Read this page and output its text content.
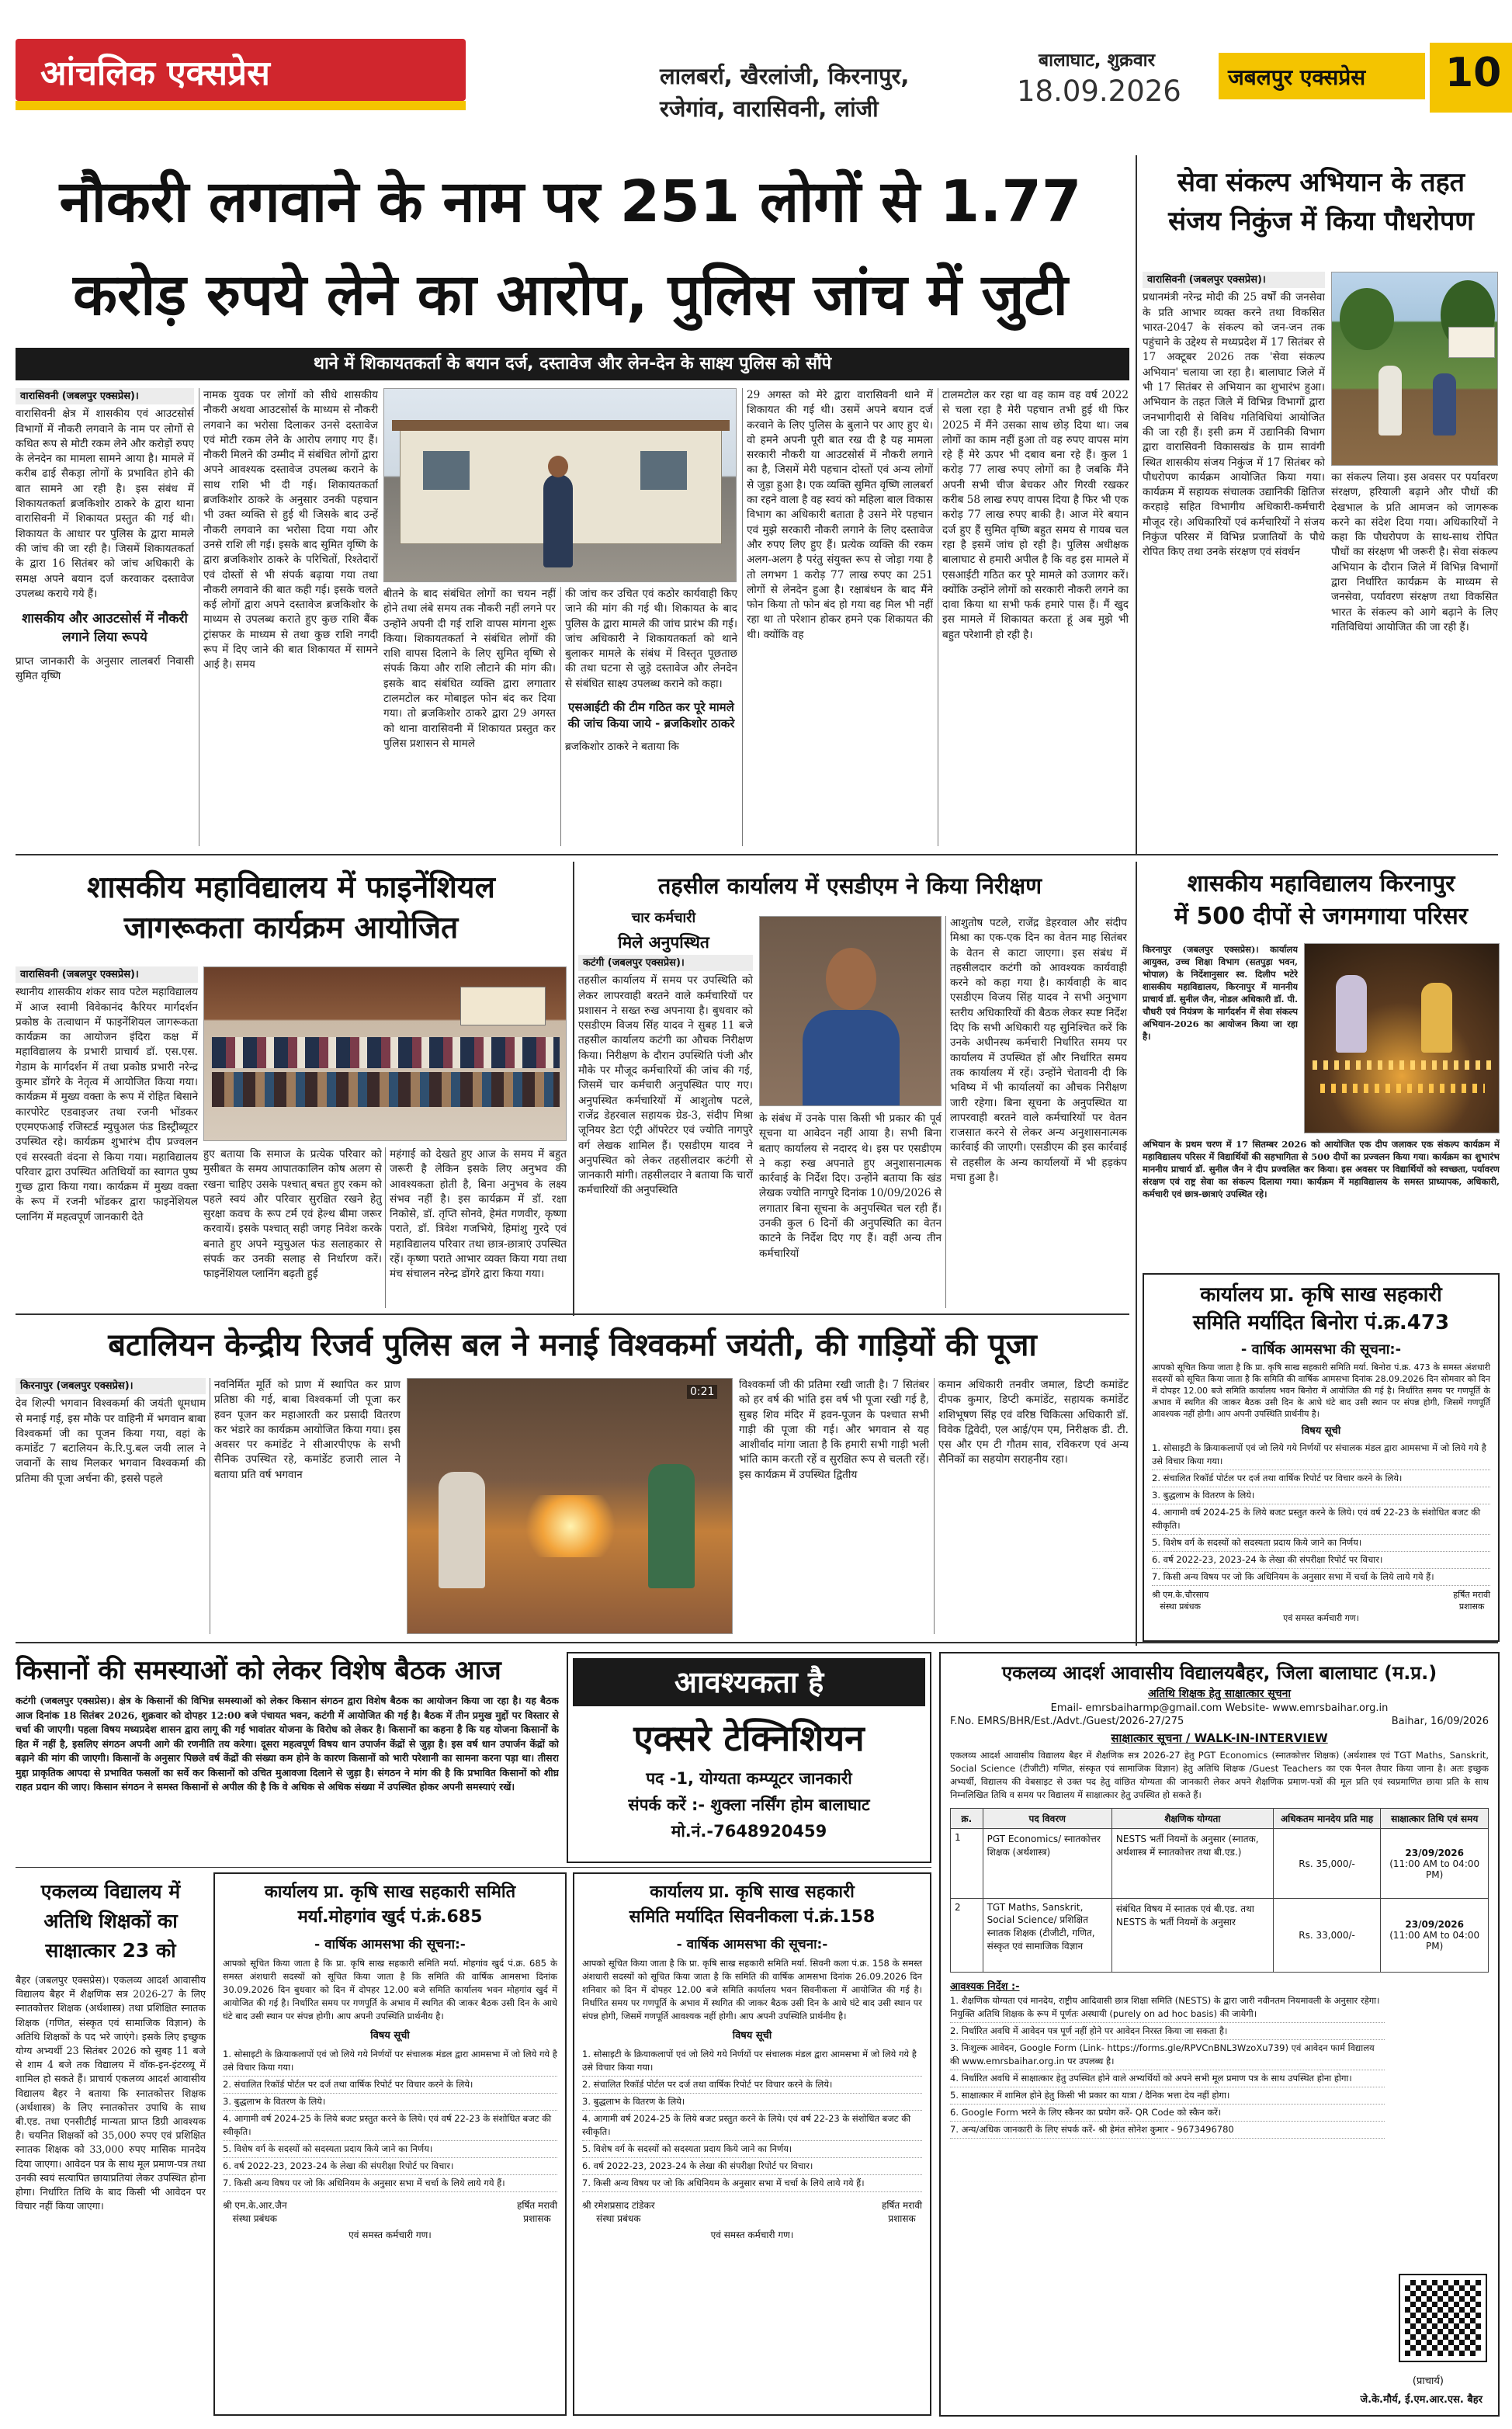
आंचलिक एक्सप्रेस	लालबर्रा, खैरलांजी, किरनापुर,
रजेगांव, वारासिवनी, लांजी
बालाघाट, शुक्रवार
18.09.2026 जबलपुर एक्सप्रेस 10
नौकरी लगवाने के नाम पर 251 लोगों से 1.77
करोड़ रुपये लेने का आरोप, पुलिस जांच में जुटी
थाने में शिकायतकर्ता के बयान दर्ज, दस्तावेज और लेन-देन के साक्ष्य पुलिस को सौंपे
वारासिवनी (जबलपुर एक्सप्रेस)।
वारासिवनी क्षेत्र में शासकीय एवं आउटसोर्स विभागों में नौकरी लगवाने के नाम पर लोगों से कथित रूप से मोटी रकम लेने और करोड़ों रुपए के लेनदेन का मामला सामने आया है। मामले में करीब ढाई सैकड़ा लोगों के प्रभावित होने की बात सामने आ रही है। इस संबंध में शिकायतकर्ता ब्रजकिशोर ठाकरे के द्वारा थाना वारासिवनी में शिकायत प्रस्तुत की गई थी। शिकायत के आधार पर पुलिस के द्वारा मामले की जांच की जा रही है। जिसमें शिकायतकर्ता के द्वारा 16 सितंबर को जांच अधिकारी के समक्ष अपने बयान दर्ज करवाकर दस्तावेज उपलब्ध कराये गये हैं।
शासकीय और आउटसोर्स में नौकरी लगाने लिया रूपये
प्राप्त जानकारी के अनुसार लालबर्रा निवासी सुमित वृष्णि
नामक युवक पर लोगों को सीधे शासकीय नौकरी अथवा आउटसोर्स के माध्यम से नौकरी लगवाने का भरोसा दिलाकर उनसे दस्तावेज एवं मोटी रकम लेने के आरोप लगाए गए हैं। नौकरी मिलने की उम्मीद में संबंधित लोगों द्वारा अपने आवश्यक दस्तावेज उपलब्ध कराने के साथ राशि भी दी गई। शिकायतकर्ता ब्रजकिशोर ठाकरे के अनुसार उनकी पहचान भी उक्त व्यक्ति से हुई थी जिसके बाद उन्हें नौकरी लगवाने का भरोसा दिया गया और उनसे राशि ली गई। इसके बाद सुमित वृष्णि के द्वारा ब्रजकिशोर ठाकरे के परिचितों, रिश्तेदारों एवं दोस्तों से भी संपर्क बढ़ाया गया तथा नौकरी लगवाने की बात कही गई। इसके चलते कई लोगों द्वारा अपने दस्तावेज ब्रजकिशोर के माध्यम से उपलब्ध कराते हुए कुछ राशि बैंक ट्रांसफर के माध्यम से तथा कुछ राशि नगदी रूप में दिए जाने की बात शिकायत में सामने आई है। समय
बीतने के बाद संबंधित लोगों का चयन नहीं होने तथा लंबे समय तक नौकरी नहीं लगने पर उन्होंने अपनी दी गई राशि वापस मांगना शुरू किया। शिकायतकर्ता ने संबंधित लोगों की राशि वापस दिलाने के लिए सुमित वृष्णि से संपर्क किया और राशि लौटाने की मांग की। इसके बाद संबंधित व्यक्ति द्वारा लगातार टालमटोल कर मोबाइल फोन बंद कर दिया गया। तो ब्रजकिशोर ठाकरे द्वारा 29 अगस्त को थाना वारासिवनी में शिकायत प्रस्तुत कर पुलिस प्रशासन से मामले
की जांच कर उचित एवं कठोर कार्यवाही किए जाने की मांग की गई थी। शिकायत के बाद पुलिस के द्वारा मामले की जांच प्रारंभ की गई। जांच अधिकारी ने शिकायतकर्ता को थाने बुलाकर मामले के संबंध में विस्तृत पूछताछ की तथा घटना से जुड़े दस्तावेज और लेनदेन से संबंधित साक्ष्य उपलब्ध कराने को कहा।
एसआईटी की टीम गठित कर पूरे मामले की जांच किया जाये - ब्रजकिशोर ठाकरे
ब्रजकिशोर ठाकरे ने बताया कि
29 अगस्त को मेरे द्वारा वारासिवनी थाने में शिकायत की गई थी। उसमें अपने बयान दर्ज करवाने के लिए पुलिस के बुलाने पर आए हुए थे। वो हमने अपनी पूरी बात रख दी है यह मामला सरकारी नौकरी या आउटसोर्स में नौकरी लगाने का है, जिसमें मेरी पहचान दोस्तों एवं अन्य लोगों से जुड़ा हुआ है। एक व्यक्ति सुमित वृष्णि लालबर्रा का रहने वाला है वह स्वयं को महिला बाल विकास विभाग का अधिकारी बताता है उसने मेरे पहचान एवं मुझे सरकारी नौकरी लगाने के लिए दस्तावेज और रुपए लिए हुए हैं। प्रत्येक व्यक्ति की रकम अलग-अलग है परंतु संयुक्त रूप से जोड़ा गया है तो लगभग 1 करोड़ 77 लाख रुपए का 251 लोगों से लेनदेन हुआ है। रक्षाबंधन के बाद मैंने फोन किया तो फोन बंद हो गया वह मिल भी नहीं रहा था तो परेशान होकर हमने एक शिकायत की थी। क्योंकि वह
टालमटोल कर रहा था वह काम वह वर्ष 2022 से चला रहा है मेरी पहचान तभी हुई थी फिर 2025 में मैंने उसका साथ छोड़ दिया था। जब लोगों का काम नहीं हुआ तो वह रुपए वापस मांग रहे हैं मेरे ऊपर भी दबाव बना रहे हैं। कुल 1 करोड़ 77 लाख रुपए लोगों का है जबकि मैंने अपनी सभी चीज बेचकर और गिरवी रखकर करीब 58 लाख रुपए वापस दिया है फिर भी एक करोड़ 77 लाख रुपए बाकी है। आज मेरे बयान दर्ज हुए हैं सुमित वृष्णि बहुत समय से गायब चल रहा है इसमें जांच हो रही है। पुलिस अधीक्षक बालाघाट से हमारी अपील है कि वह इस मामले में एसआईटी गठित कर पूरे मामले को उजागर करें। क्योंकि उन्होंने लोगों को सरकारी नौकरी लगने का दावा किया था सभी फर्क हमारे पास हैं। मैं खुद इस मामले में शिकायत करता हूं अब मुझे भी बहुत परेशानी हो रही है।
सेवा संकल्प अभियान के तहत
संजय निकुंज में किया पौधरोपण
वारासिवनी (जबलपुर एक्सप्रेस)।
प्रधानमंत्री नरेन्द्र मोदी की 25 वर्षों की जनसेवा के प्रति आभार व्यक्त करने तथा विकसित भारत-2047 के संकल्प को जन-जन तक पहुंचाने के उद्देश्य से मध्यप्रदेश में 17 सितंबर से 17 अक्टूबर 2026 तक 'सेवा संकल्प अभियान' चलाया जा रहा है। बालाघाट जिले में भी 17 सितंबर से अभियान का शुभारंभ हुआ। अभियान के तहत जिले में विभिन्न विभागों द्वारा जनभागीदारी से विविध गतिविधियां आयोजित की जा रही हैं। इसी क्रम में उद्यानिकी विभाग द्वारा वारासिवनी विकासखंड के ग्राम सावंगी स्थित शासकीय संजय निकुंज में 17 सितंबर को पौधरोपण कार्यक्रम आयोजित किया गया। कार्यक्रम में सहायक संचालक उद्यानिकी क्षितिज करहाड़े सहित विभागीय अधिकारी-कर्मचारी मौजूद रहे। अधिकारियों एवं कर्मचारियों ने संजय निकुंज परिसर में विभिन्न प्रजातियों के पौधे रोपित किए तथा उनके संरक्षण एवं संवर्धन
का संकल्प लिया। इस अवसर पर पर्यावरण संरक्षण, हरियाली बढ़ाने और पौधों की देखभाल के प्रति आमजन को जागरूक करने का संदेश दिया गया। अधिकारियों ने कहा कि पौधरोपण के साथ-साथ रोपित पौधों का संरक्षण भी जरूरी है। सेवा संकल्प अभियान के दौरान जिले में विभिन्न विभागों द्वारा निर्धारित कार्यक्रम के माध्यम से जनसेवा, पर्यावरण संरक्षण तथा विकसित भारत के संकल्प को आगे बढ़ाने के लिए गतिविधियां आयोजित की जा रही हैं।
शासकीय महाविद्यालय में फाइनेंशियल
जागरूकता कार्यक्रम आयोजित
वारासिवनी (जबलपुर एक्सप्रेस)।
स्थानीय शासकीय शंकर साव पटेल महाविद्यालय में आज स्वामी विवेकानंद कैरियर मार्गदर्शन प्रकोष्ठ के तत्वाधान में फाइनेंशियल जागरूकता कार्यक्रम का आयोजन इंदिरा कक्ष में महाविद्यालय के प्रभारी प्राचार्य डॉ. एस.एस. गेडाम के मार्गदर्शन में तथा प्रकोष्ठ प्रभारी नरेन्द्र कुमार डोंगरे के नेतृत्व में आयोजित किया गया। कार्यक्रम में मुख्य वक्ता के रूप में रोहित बिसाने कारपोरेट एडवाइजर तथा रजनी भोंडकर एएमएफआई रजिस्टर्ड म्युचुअल फंड डिस्ट्रीब्यूटर उपस्थित रहे। कार्यक्रम शुभारंभ दीप प्रज्वलन एवं सरस्वती वंदना से किया गया। महाविद्यालय परिवार द्वारा उपस्थित अतिथियों का स्वागत पुष्प गुच्छ द्वारा किया गया। कार्यक्रम में मुख्य वक्ता के रूप में रजनी भोंडकर द्वारा फाइनेंशियल प्लानिंग में महत्वपूर्ण जानकारी देते
हुए बताया कि समाज के प्रत्येक परिवार को मुसीबत के समय आपातकालिन कोष अलग से रखना चाहिए उसके पश्चात् बचत हुए रकम को पहले स्वयं और परिवार सुरक्षित रखने हेतु सुरक्षा कवच के रूप टर्म एवं हेल्थ बीमा जरूर करवायें। इसके पश्चात् सही जगह निवेश करके बनाते हुए अपने म्युचुअल फंड सलाहकार से संपर्क कर उनकी सलाह से निर्धारण करें। फाइनेंशियल प्लानिंग बढ़ती हुई
महंगाई को देखते हुए आज के समय में बहुत जरूरी है लेकिन इसके लिए अनुभव की आवश्यकता होती है, बिना अनुभव के लक्ष्य संभव नहीं है। इस कार्यक्रम में डॉ. रक्षा निकोसे, डॉ. तृप्ति सोनवे, हेमंत गणवीर, कृष्णा पराते, डॉ. त्रिवेश गजभिये, हिमांशु गुरदे एवं महाविद्यालय परिवार तथा छात्र-छात्राएं उपस्थित रहें। कृष्णा पराते आभार व्यक्त किया गया तथा मंच संचालन नरेन्द्र डोंगरे द्वारा किया गया।
तहसील कार्यालय में एसडीएम ने किया निरीक्षण
चार कर्मचारी
मिले अनुपस्थित
कटंगी (जबलपुर एक्सप्रेस)।
तहसील कार्यालय में समय पर उपस्थिति को लेकर लापरवाही बरतने वाले कर्मचारियों पर प्रशासन ने सख्त रुख अपनाया है। बुधवार को एसडीएम विजय सिंह यादव ने सुबह 11 बजे तहसील कार्यालय कटंगी का औचक निरीक्षण किया। निरीक्षण के दौरान उपस्थिति पंजी और मौके पर मौजूद कर्मचारियों की जांच की गई, जिसमें चार कर्मचारी अनुपस्थित पाए गए। अनुपस्थित कर्मचारियों में आशुतोष पटले, राजेंद्र डेहरवाल सहायक ग्रेड-3, संदीप मिश्रा जूनियर डेटा एंट्री ऑपरेटर एवं ज्योति नागपुरे वर्ग लेखक शामिल हैं। एसडीएम यादव ने अनुपस्थित को लेकर तहसीलदार कटंगी से जानकारी मांगी। तहसीलदार ने बताया कि चारों कर्मचारियों की अनुपस्थिति
के संबंध में उनके पास किसी भी प्रकार की पूर्व सूचना या आवेदन नहीं आया है। सभी बिना बताए कार्यालय से नदारद थे। इस पर एसडीएम ने कड़ा रुख अपनाते हुए अनुशासनात्मक कार्रवाई के निर्देश दिए। उन्होंने बताया कि खंड लेखक ज्योति नागपुरे दिनांक 10/09/2026 से लगातार बिना सूचना के अनुपस्थित चल रही हैं। उनकी कुल 6 दिनों की अनुपस्थिति का वेतन काटने के निर्देश दिए गए हैं। वहीं अन्य तीन कर्मचारियों
आशुतोष पटले, राजेंद्र डेहरवाल और संदीप मिश्रा का एक-एक दिन का वेतन माह सितंबर के वेतन से काटा जाएगा। इस संबंध में तहसीलदार कटंगी को आवश्यक कार्यवाही करने को कहा गया है। कार्यवाही के बाद एसडीएम विजय सिंह यादव ने सभी अनुभाग स्तरीय अधिकारियों की बैठक लेकर स्पष्ट निर्देश दिए कि सभी अधिकारी यह सुनिश्चित करें कि उनके अधीनस्थ कर्मचारी निर्धारित समय पर कार्यालय में उपस्थित हों और निर्धारित समय तक कार्यालय में रहें। उन्होंने चेतावनी दी कि भविष्य में भी कार्यालयों का औचक निरीक्षण जारी रहेगा। बिना सूचना के अनुपस्थित या लापरवाही बरतने वाले कर्मचारियों पर वेतन राजसात करने से लेकर अन्य अनुशासनात्मक कार्रवाई की जाएगी। एसडीएम की इस कार्रवाई से तहसील के अन्य कार्यालयों में भी हड़कंप मचा हुआ है।
शासकीय महाविद्यालय किरनापुर
में 500 दीपों से जगमगाया परिसर
किरनापुर (जबलपुर एक्सप्रेस)। कार्यालय आयुक्त, उच्च शिक्षा विभाग (सतपुड़ा भवन, भोपाल) के निर्देशानुसार स्व. दिलीप भटेरे शासकीय महाविद्यालय, किरनापुर में माननीय प्राचार्य डॉ. सुनील जैन, नोडल अधिकारी डॉ. पी. चौधरी एवं नियंत्रण के मार्गदर्शन में सेवा संकल्प अभियान-2026 का आयोजन किया जा रहा है।
अभियान के प्रथम चरण में 17 सितम्बर 2026 को आयोजित एक दीप जलाकर एक संकल्प कार्यक्रम में महाविद्यालय परिसर में विद्यार्थियों की सहभागिता से 500 दीपों का प्रज्वलन किया गया। कार्यक्रम का शुभारंभ माननीय प्राचार्य डॉ. सुनील जैन ने दीप प्रज्वलित कर किया। इस अवसर पर विद्यार्थियों को स्वच्छता, पर्यावरण संरक्षण एवं राष्ट्र सेवा का संकल्प दिलाया गया। कार्यक्रम में महाविद्यालय के समस्त प्राध्यापक, अधिकारी, कर्मचारी एवं छात्र-छात्राएं उपस्थित रहे।
कार्यालय प्रा. कृषि साख सहकारी
समिति मर्यादित बिनोरा पं.क्र.473
- वार्षिक आमसभा की सूचना:-
आपको सूचित किया जाता है कि प्रा. कृषि साख सहकारी समिति मर्या. बिनोरा पं.क्र. 473 के समस्त अंशधारी सदस्यों को सूचित किया जाता है कि समिति की वार्षिक आमसभा दिनांक 28.09.2026 दिन सोमवार को दिन में दोपहर 12.00 बजे समिति कार्यालय भवन बिनोरा में आयोजित की गई है। निर्धारित समय पर गणपूर्ति के अभाव में स्थगित की जाकर बैठक उसी दिन के आधे घंटे बाद उसी स्थान पर संपन्न होगी, जिसमें गणपूर्ति आवश्यक नहीं होगी। आप अपनी उपस्थिति प्रार्थनीय है।
विषय सूची
1. सोसाइटी के क्रियाकलापों एवं जो लिये गये निर्णयों पर संचालक मंडल द्वारा आमसभा में जो लिये गये है उसे विचार किया गया।
2. संचालित रिकॉर्ड पोर्टल पर दर्ज तथा वार्षिक रिपोर्ट पर विचार करने के लिये।
3. बुद्धलाभ के वितरण के लिये।
4. आगामी वर्ष 2024-25 के लिये बजट प्रस्तुत करने के लिये। एवं वर्ष 22-23 के संशोधित बजट की स्वीकृति।
5. विशेष वर्ग के सदस्यों को सदस्यता प्रदाय किये जाने का निर्णय।
6. वर्ष 2022-23, 2023-24 के लेखा की संपरीक्षा रिपोर्ट पर विचार।
7. किसी अन्य विषय पर जो कि अधिनियम के अनुसार सभा में चर्चा के लिये लाये गये हैं।
श्री एम.के.चौरसाय
संस्था प्रबंधक
हर्षित मरावी
प्रशासक
एवं समस्त कर्मचारी गण।
बटालियन केन्द्रीय रिजर्व पुलिस बल ने मनाई विश्वकर्मा जयंती, की गाड़ियों की पूजा
किरनापुर (जबलपुर एक्सप्रेस)।
देव शिल्पी भगवान विश्वकर्मा की जयंती धूमधाम से मनाई गई, इस मौके पर वाहिनी में भगवान बाबा विश्वकर्मा जी का पूजन किया गया, वहां के कमांडेंट 7 बटालियन के.रि.पु.बल जयी लाल ने जवानों के साथ मिलकर भगवान विश्वकर्मा की प्रतिमा की पूजा अर्चना की, इससे पहले
नवनिर्मित मूर्ति को प्राण में स्थापित कर प्राण प्रतिष्ठा की गई, बाबा विश्वकर्मा जी पूजा कर हवन पूजन कर महाआरती कर प्रसादी वितरण कर भंडारे का कार्यक्रम आयोजित किया गया। इस अवसर पर कमांडेंट ने सीआरपीएफ के सभी सैनिक उपस्थित रहे, कमांडेंट हजारी लाल ने बताया प्रति वर्ष भगवान
0:21
विश्वकर्मा जी की प्रतिमा रखी जाती है। 7 सितंबर को हर वर्ष की भांति इस वर्ष भी पूजा रखी गई है, सुबह शिव मंदिर में हवन-पूजन के पश्चात सभी गाड़ी की पूजा की गई। और भगवान से यह आशीर्वाद मांगा जाता है कि हमारी सभी गाड़ी भली भांति काम करती रहें व सुरक्षित रूप से चलती रहें। इस कार्यक्रम में उपस्थित द्वितीय
कमान अधिकारी तनवीर जमाल, डिप्टी कमांडेंट दीपक कुमार, डिप्टी कमांडेंट, सहायक कमांडेंट शशिभूषण सिंह एवं वरिष्ठ चिकित्सा अधिकारी डॉ. विवेक द्विवेदी, एल आई/एम एम, निरीक्षक डी. टी. एस और एम टी गौतम साव, रविकरण एवं अन्य सैनिकों का सहयोग सराहनीय रहा।
किसानों की समस्याओं को लेकर विशेष बैठक आज
कटंगी (जबलपुर एक्सप्रेस)। क्षेत्र के किसानों की विभिन्न समस्याओं को लेकर किसान संगठन द्वारा विशेष बैठक का आयोजन किया जा रहा है। यह बैठक आज दिनांक 18 सितंबर 2026, शुक्रवार को दोपहर 12:00 बजे पंचायत भवन, कटंगी में आयोजित की गई है। बैठक में तीन प्रमुख मुद्दों पर विस्तार से चर्चा की जाएगी। पहला विषय मध्यप्रदेश शासन द्वारा लागू की गई भावांतर योजना के विरोध को लेकर है। किसानों का कहना है कि यह योजना किसानों के हित में नहीं है, इसलिए संगठन अपनी आगे की रणनीति तय करेगा। दूसरा महत्वपूर्ण विषय धान उपार्जन केंद्रों से जुड़ा है। इस वर्ष धान उपार्जन केंद्रों को बढ़ाने की मांग की जाएगी। किसानों के अनुसार पिछले वर्ष केंद्रों की संख्या कम होने के कारण किसानों को भारी परेशानी का सामना करना पड़ा था। तीसरा मुद्दा प्राकृतिक आपदा से प्रभावित फसलों का सर्वे कर किसानों को उचित मुआवजा दिलाने से जुड़ा है। संगठन ने मांग की है कि प्रभावित किसानों को शीघ्र राहत प्रदान की जाए। किसान संगठन ने समस्त किसानों से अपील की है कि वे अधिक से अधिक संख्या में उपस्थित होकर अपनी समस्याएं रखें।
आवश्यकता है
एक्सरे टेक्निशियन
पद -1, योग्यता कम्प्यूटर जानकारी
संपर्क करें :- शुक्ला नर्सिंग होम बालाघाट
मो.नं.-7648920459
एकलव्य आदर्श आवासीय विद्यालयबैहर, जिला बालाघाट (म.प्र.)
अतिथि शिक्षक हेतु साक्षात्कार सूचना
Email- emrsbaiharmp@gmail.com Website- www.emrsbaihar.org.in
F.No. EMRS/BHR/Est./Advt./Guest/2026-27/275	Baihar, 16/09/2026
साक्षात्कार सूचना / WALK-IN-INTERVIEW
एकलव्य आदर्श आवासीय विद्यालय बैहर में शैक्षणिक सत्र 2026-27 हेतु PGT Economics (स्नातकोत्तर शिक्षक) (अर्थशास्त्र एवं TGT Maths, Sanskrit, Social Science (टीजीटी) गणित, संस्कृत एवं सामाजिक विज्ञान) हेतु अतिथि शिक्षक /Guest Teachers का एक पैनल तैयार किया जाना है। अतः इच्छुक अभ्यर्थी, विद्यालय की वेबसाइट से उक्त पद हेतु वांछित योग्यता की जानकारी लेकर अपने शैक्षणिक प्रमाण-पत्रों की मूल प्रति एवं स्वप्रमाणित छाया प्रति के साथ निम्नलिखित तिथि व समय पर विद्यालय में साक्षात्कार हेतु उपस्थित हो सकते हैं।
क्र.	पद विवरण	शैक्षणिक योग्यता	अधिकतम मानदेय प्रति माह	साक्षात्कार तिथि एवं समय
1	PGT Economics/ स्नातकोत्तर शिक्षक (अर्थशास्त्र)	NESTS भर्ती नियमों के अनुसार (स्नातक, अर्थशास्त्र में स्नातकोत्तर तथा बी.एड.)	Rs. 35,000/-	23/09/2026
(11:00 AM to 04:00 PM)

2	TGT Maths, Sanskrit, Social Science/ प्रशिक्षित स्नातक शिक्षक (टीजीटी, गणित, संस्कृत एवं सामाजिक विज्ञान	संबंधित विषय में स्नातक एवं बी.एड. तथा NESTS के भर्ती नियमों के अनुसार	Rs. 33,000/-	23/09/2026
(11:00 AM to 04:00 PM)
आवश्यक निर्देश :-
1. शैक्षणिक योग्यता एवं मानदेय, राष्ट्रीय आदिवासी छात्र शिक्षा समिति (NESTS) के द्वारा जारी नवीनतम नियमावली के अनुसार रहेगा। नियुक्ति अतिथि शिक्षक के रूप में पूर्णतः अस्थायी (purely on ad hoc basis) की जायेगी।
2. निर्धारित अवधि में आवेदन पत्र पूर्ण नहीं होने पर आवेदन निरस्त किया जा सकता है।
3. निःशुल्क आवेदन, Google Form (Link- https://forms.gle/RPVCnBNL3WzoXu739) एवं आवेदन फार्म विद्यालय की www.emrsbaihar.org.in पर उपलब्ध है।
4. निर्धारित अवधि में साक्षात्कार हेतु उपस्थित होने वाले अभ्यर्थियों को अपने सभी मूल प्रमाण पत्र के साथ उपस्थित होना होगा।
5. साक्षात्कार में शामिल होने हेतु किसी भी प्रकार का यात्रा / दैनिक भत्ता देय नहीं होगा।
6. Google Form भरने के लिए स्कैनर का प्रयोग करें- QR Code को स्कैन करें।
7. अन्य/अधिक जानकारी के लिए संपर्क करें- श्री हेमंत सोनेश कुमार - 9673496780
(प्राचार्य)
जे.के.मौर्य, ई.एम.आर.एस. बैहर
एकलव्य विद्यालय में
अतिथि शिक्षकों का
साक्षात्कार 23 को
बैहर (जबलपुर एक्सप्रेस)। एकलव्य आदर्श आवासीय विद्यालय बैहर में शैक्षणिक सत्र 2026-27 के लिए स्नातकोत्तर शिक्षक (अर्थशास्त्र) तथा प्रशिक्षित स्नातक शिक्षक (गणित, संस्कृत एवं सामाजिक विज्ञान) के अतिथि शिक्षकों के पद भरे जाएंगे। इसके लिए इच्छुक योग्य अभ्यर्थी 23 सितंबर 2026 को सुबह 11 बजे से शाम 4 बजे तक विद्यालय में वॉक-इन-इंटरव्यू में शामिल हो सकते हैं। प्राचार्य एकलव्य आदर्श आवासीय विद्यालय बैहर ने बताया कि स्नातकोत्तर शिक्षक (अर्थशास्त्र) के लिए स्नातकोत्तर उपाधि के साथ बी.एड. तथा एनसीटीई मान्यता प्राप्त डिग्री आवश्यक है। चयनित शिक्षकों को 35,000 रुपए एवं प्रशिक्षित स्नातक शिक्षक को 33,000 रुपए मासिक मानदेय दिया जाएगा। आवेदन पत्र के साथ मूल प्रमाण-पत्र तथा उनकी स्वयं सत्यापित छायाप्रतियां लेकर उपस्थित होना होगा। निर्धारित तिथि के बाद किसी भी आवेदन पर विचार नहीं किया जाएगा।
कार्यालय प्रा. कृषि साख सहकारी समिति
मर्या.मोहगांव खुर्द पं.क्रं.685
- वार्षिक आमसभा की सूचना:-
आपको सूचित किया जाता है कि प्रा. कृषि साख सहकारी समिति मर्या. मोहगांव खुर्द पं.क्र. 685 के समस्त अंशधारी सदस्यों को सूचित किया जाता है कि समिति की वार्षिक आमसभा दिनांक 30.09.2026 दिन बुधवार को दिन में दोपहर 12.00 बजे समिति कार्यालय भवन मोहगांव खुर्द में आयोजित की गई है। निर्धारित समय पर गणपूर्ति के अभाव में स्थगित की जाकर बैठक उसी दिन के आधे घंटे बाद उसी स्थान पर संपन्न होगी। आप अपनी उपस्थिति प्रार्थनीय है।
विषय सूची
1. सोसाइटी के क्रियाकलापों एवं जो लिये गये निर्णयों पर संचालक मंडल द्वारा आमसभा में जो लिये गये है उसे विचार किया गया।
2. संचालित रिकॉर्ड पोर्टल पर दर्ज तथा वार्षिक रिपोर्ट पर विचार करने के लिये।
3. बुद्धलाभ के वितरण के लिये।
4. आगामी वर्ष 2024-25 के लिये बजट प्रस्तुत करने के लिये। एवं वर्ष 22-23 के संशोधित बजट की स्वीकृति।
5. विशेष वर्ग के सदस्यों को सदस्यता प्रदाय किये जाने का निर्णय।
6. वर्ष 2022-23, 2023-24 के लेखा की संपरीक्षा रिपोर्ट पर विचार।
7. किसी अन्य विषय पर जो कि अधिनियम के अनुसार सभा में चर्चा के लिये लाये गये हैं।
श्री एम.के.आर.जैन
संस्था प्रबंधक
हर्षित मरावी
प्रशासक
एवं समस्त कर्मचारी गण।
कार्यालय प्रा. कृषि साख सहकारी
समिति मर्यादित सिवनीकला पं.क्रं.158
- वार्षिक आमसभा की सूचना:-
आपको सूचित किया जाता है कि प्रा. कृषि साख सहकारी समिति मर्या. सिवनी कला पं.क्र. 158 के समस्त अंशधारी सदस्यों को सूचित किया जाता है कि समिति की वार्षिक आमसभा दिनांक 26.09.2026 दिन शनिवार को दिन में दोपहर 12.00 बजे समिति कार्यालय भवन सिवनीकला में आयोजित की गई है। निर्धारित समय पर गणपूर्ति के अभाव में स्थगित की जाकर बैठक उसी दिन के आधे घंटे बाद उसी स्थान पर संपन्न होगी, जिसमें गणपूर्ति आवश्यक नहीं होगी। आप अपनी उपस्थिति प्रार्थनीय है।
विषय सूची
1. सोसाइटी के क्रियाकलापों एवं जो लिये गये निर्णयों पर संचालक मंडल द्वारा आमसभा में जो लिये गये है उसे विचार किया गया।
2. संचालित रिकॉर्ड पोर्टल पर दर्ज तथा वार्षिक रिपोर्ट पर विचार करने के लिये।
3. बुद्धलाभ के वितरण के लिये।
4. आगामी वर्ष 2024-25 के लिये बजट प्रस्तुत करने के लिये। एवं वर्ष 22-23 के संशोधित बजट की स्वीकृति।
5. विशेष वर्ग के सदस्यों को सदस्यता प्रदाय किये जाने का निर्णय।
6. वर्ष 2022-23, 2023-24 के लेखा की संपरीक्षा रिपोर्ट पर विचार।
7. किसी अन्य विषय पर जो कि अधिनियम के अनुसार सभा में चर्चा के लिये लाये गये हैं।
श्री रमेशप्रसाद टांडेकर
संस्था प्रबंधक
हर्षित मरावी
प्रशासक
एवं समस्त कर्मचारी गण।
